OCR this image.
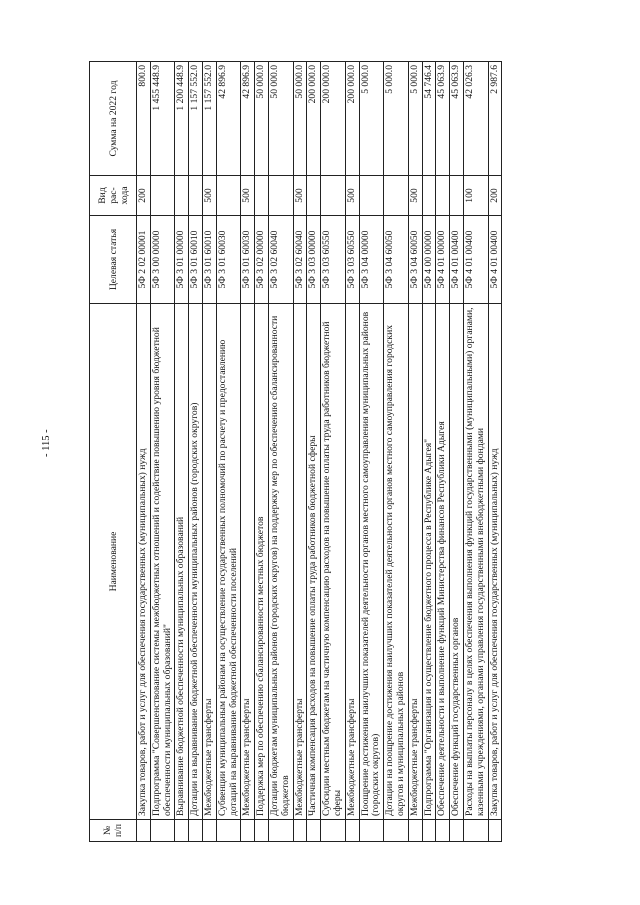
- 115 -
№ п/п	Наименование	Целевая статья	Вид рас-хода	Сумма на 2022 год
	Закупка товаров, работ и услуг для обеспечения государственных (муниципальных) нужд	5Ф 2 02 00001	200	800.0
	Подпрограмма "Совершенствование системы межбюджетных отношений и содействие повышению уровня бюджетной обеспеченности муниципальных образований"	5Ф 3 00 00000		1 455 448.9
	Выравнивание бюджетной обеспеченности муниципальных образований	5Ф 3 01 00000		1 200 448.9
	Дотации на выравнивание бюджетной обеспеченности муниципальных районов (городских округов)	5Ф 3 01 60010		1 157 552.0
	Межбюджетные трансферты	5Ф 3 01 60010	500	1 157 552.0
	Субвенции муниципальным районам на осуществление государственных полномочий по расчету и предоставлению дотаций на выравнивание бюджетной обеспеченности поселений	5Ф 3 01 60030		42 896.9
	Межбюджетные трансферты	5Ф 3 01 60030	500	42 896.9
	Поддержка мер по обеспечению сбалансированности местных бюджетов	5Ф 3 02 00000		50 000.0
	Дотации бюджетам муниципальных районов (городских округов) на поддержку мер по обеспечению сбалансированности бюджетов	5Ф 3 02 60040		50 000.0
	Межбюджетные трансферты	5Ф 3 02 60040	500	50 000.0
	Частичная компенсация расходов на повышение оплаты труда работников бюджетной сферы	5Ф 3 03 00000		200 000.0
	Субсидии местным бюджетам на частичную компенсацию расходов на повышение оплаты труда работников бюджетной сферы	5Ф 3 03 60550		200 000.0
	Межбюджетные трансферты	5Ф 3 03 60550	500	200 000.0
	Поощрение достижения наилучших показателей деятельности органов местного самоуправления муниципальных районов (городских округов)	5Ф 3 04 00000		5 000.0
	Дотации на поощрение достижения наилучших показателей деятельности органов местного самоуправления городских округов и муниципальных районов	5Ф 3 04 60050		5 000.0
	Межбюджетные трансферты	5Ф 3 04 60050	500	5 000.0
	Подпрограмма "Организация и осуществление бюджетного процесса в Республике Адыгея"	5Ф 4 00 00000		54 746.4
	Обеспечение деятельности и выполнение функций Министерства финансов Республики Адыгея	5Ф 4 01 00000		45 063.9
	Обеспечение функций государственных органов	5Ф 4 01 00400		45 063.9
	Расходы на выплаты персоналу в целях обеспечения выполнения функций государственными (муниципальными) органами, казенными учреждениями, органами управления государственными внебюджетными фондами	5Ф 4 01 00400	100	42 026.3
	Закупка товаров, работ и услуг для обеспечения государственных (муниципальных) нужд	5Ф 4 01 00400	200	2 987.6
